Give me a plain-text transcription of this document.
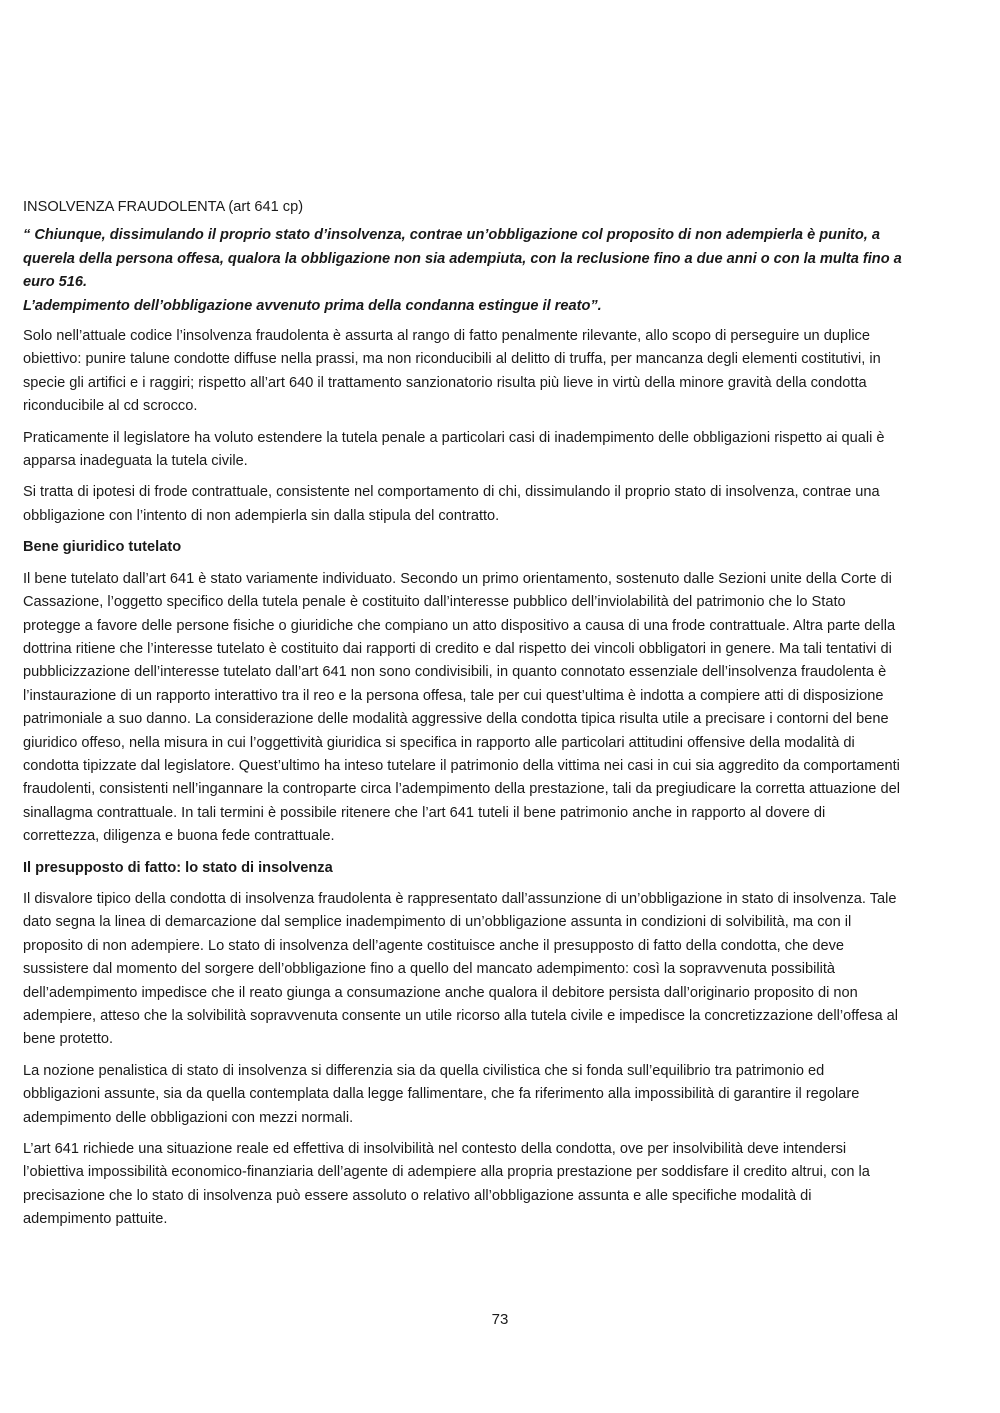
INSOLVENZA FRAUDOLENTA (art 641 cp)

“ Chiunque, dissimulando il proprio stato d’insolvenza, contrae un’obbligazione col proposito di non adempierla è punito, a querela della persona offesa, qualora la obbligazione non sia adempiuta, con la reclusione fino a due anni o con la multa fino a euro 516.

L’adempimento dell’obbligazione avvenuto prima della condanna estingue il reato”.

Solo nell’attuale codice l’insolvenza fraudolenta è assurta al rango di fatto penalmente rilevante, allo scopo di perseguire un duplice obiettivo: punire talune condotte diffuse nella prassi, ma non riconducibili al delitto di truffa, per mancanza degli elementi costitutivi, in specie gli artifici e i raggiri; rispetto all’art 640 il trattamento sanzionatorio risulta più lieve in virtù della minore gravità della condotta riconducibile al cd scrocco.

Praticamente il legislatore ha voluto estendere la tutela penale a particolari casi di inadempimento delle obbligazioni rispetto ai quali è apparsa inadeguata la tutela civile.

Si tratta di ipotesi di frode contrattuale, consistente nel comportamento di chi, dissimulando il proprio stato di insolvenza, contrae una obbligazione con l’intento di non adempierla sin dalla stipula del contratto.

Bene giuridico tutelato

Il bene tutelato dall’art 641 è stato variamente individuato. Secondo un primo orientamento, sostenuto dalle Sezioni unite della Corte di Cassazione, l’oggetto specifico della tutela penale è costituito dall’interesse pubblico dell’inviolabilità del patrimonio che lo Stato protegge a favore delle persone fisiche o giuridiche che compiano un atto dispositivo a causa di una frode contrattuale. Altra parte della dottrina ritiene che l’interesse tutelato è costituito dai rapporti di credito e dal rispetto dei vincoli obbligatori in genere. Ma tali tentativi di pubblicizzazione dell’interesse tutelato dall’art 641 non sono condivisibili, in quanto connotato essenziale dell’insolvenza fraudolenta è l’instaurazione di un rapporto interattivo tra il reo e la persona offesa, tale per cui quest’ultima è indotta a compiere atti di disposizione patrimoniale a suo danno. La considerazione delle modalità aggressive della condotta tipica risulta utile a precisare i contorni del bene giuridico offeso, nella misura in cui l’oggettività giuridica si specifica in rapporto alle particolari attitudini offensive della modalità di condotta tipizzate dal legislatore. Quest’ultimo ha inteso tutelare il patrimonio della vittima nei casi in cui sia aggredito da comportamenti fraudolenti, consistenti nell’ingannare la controparte circa l’adempimento della prestazione, tali da pregiudicare la corretta attuazione del sinallagma contrattuale. In tali termini è possibile ritenere che l’art 641 tuteli il bene patrimonio anche in rapporto al dovere di correttezza, diligenza e buona fede contrattuale.

Il presupposto di fatto: lo stato di insolvenza

Il disvalore tipico della condotta di insolvenza fraudolenta è rappresentato dall’assunzione di un’obbligazione in stato di insolvenza. Tale dato segna la linea di demarcazione dal semplice inadempimento di un’obbligazione assunta in condizioni di solvibilità, ma con il proposito di non adempiere. Lo stato di insolvenza dell’agente costituisce anche il presupposto di fatto della condotta, che deve sussistere dal momento del sorgere dell’obbligazione fino a quello del mancato adempimento: così la sopravvenuta possibilità dell’adempimento impedisce che il reato giunga a consumazione anche qualora il debitore persista dall’originario proposito di non adempiere, atteso che la solvibilità sopravvenuta consente un utile ricorso alla tutela civile e impedisce la concretizzazione dell’offesa al bene protetto.

La nozione penalistica di stato di insolvenza si differenzia sia da quella civilistica che si fonda sull’equilibrio tra patrimonio ed obbligazioni assunte, sia da quella contemplata dalla legge fallimentare, che fa riferimento alla impossibilità di garantire il regolare adempimento delle obbligazioni con mezzi normali.

L’art 641 richiede una situazione reale ed effettiva di insolvibilità nel contesto della condotta, ove per insolvibilità deve intendersi l’obiettiva impossibilità economico-finanziaria dell’agente di adempiere alla propria prestazione per soddisfare il credito altrui, con la precisazione che lo stato di insolvenza può essere assoluto o relativo all’obbligazione assunta e alle specifiche modalità di adempimento pattuite.

73
